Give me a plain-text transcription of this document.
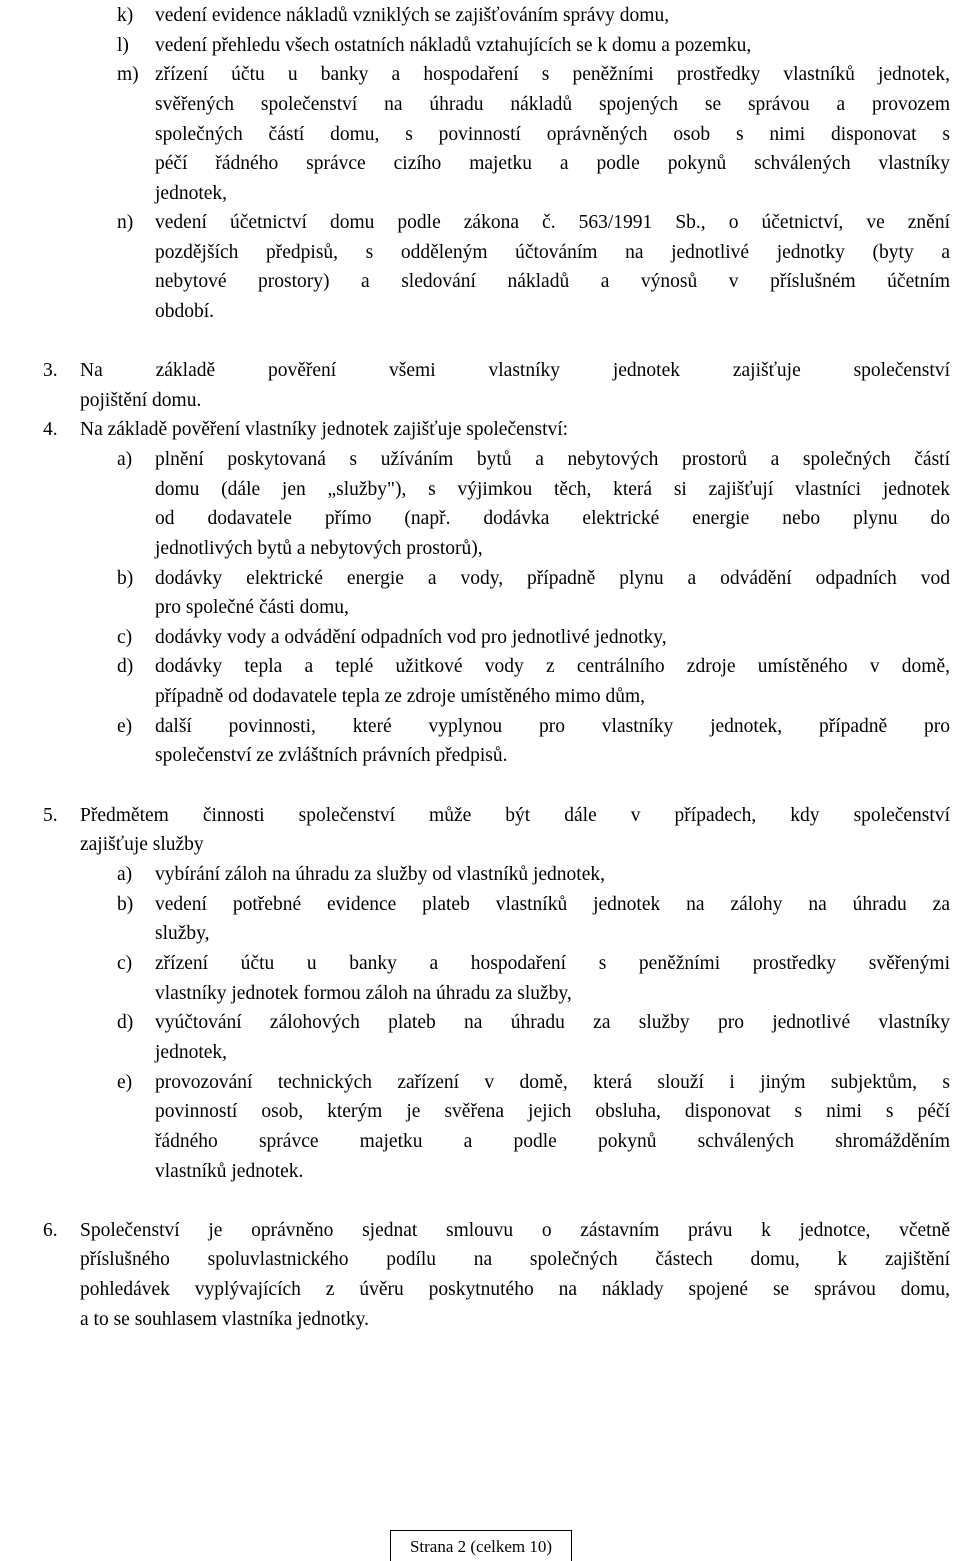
k) vedení evidence nákladů vzniklých se zajišťováním správy domu,
l) vedení přehledu všech ostatních nákladů vztahujících se k domu a pozemku,
m) zřízení účtu u banky a hospodaření s peněžními prostředky vlastníků jednotek,
svěřených společenství na úhradu nákladů spojených se správou a provozem
společných částí domu, s povinností oprávněných osob s nimi disponovat s
péčí řádného správce cizího majetku a podle pokynů schválených vlastníky
jednotek,
n) vedení účetnictví domu podle zákona č. 563/1991 Sb., o účetnictví, ve znění
pozdějších předpisů, s odděleným účtováním na jednotlivé jednotky (byty a
nebytové prostory) a sledování nákladů a výnosů v příslušném účetním
období.
3. Na základě pověření všemi vlastníky jednotek zajišťuje společenství
pojištění domu.
4. Na základě pověření vlastníky jednotek zajišťuje společenství:
a) plnění poskytovaná s užíváním bytů a nebytových prostorů a společných částí
domu (dále jen „služby"), s výjimkou těch, která si zajišťují vlastníci jednotek
od dodavatele přímo (např. dodávka elektrické energie nebo plynu do
jednotlivých bytů a nebytových prostorů),
b) dodávky elektrické energie a vody, případně plynu a odvádění odpadních vod
pro společné části domu,
c) dodávky vody a odvádění odpadních vod pro jednotlivé jednotky,
d) dodávky tepla a teplé užitkové vody z centrálního zdroje umístěného v domě,
případně od dodavatele tepla ze zdroje umístěného mimo dům,
e) další povinnosti, které vyplynou pro vlastníky jednotek, případně pro
společenství ze zvláštních právních předpisů.
5. Předmětem činnosti společenství může být dále v případech, kdy společenství
zajišťuje služby
a) vybírání záloh na úhradu za služby od vlastníků jednotek,
b) vedení potřebné evidence plateb vlastníků jednotek na zálohy na úhradu za
služby,
c) zřízení účtu u banky a hospodaření s peněžními prostředky svěřenými
vlastníky jednotek formou záloh na úhradu za služby,
d) vyúčtování zálohových plateb na úhradu za služby pro jednotlivé vlastníky
jednotek,
e) provozování technických zařízení v domě, která slouží i jiným subjektům, s
povinností osob, kterým je svěřena jejich obsluha, disponovat s nimi s péčí
řádného správce majetku a podle pokynů schválených shromážděním
vlastníků jednotek.
6. Společenství je oprávněno sjednat smlouvu o zástavním právu k jednotce, včetně
příslušného spoluvlastnického podílu na společných částech domu, k zajištění
pohledávek vyplývajících z úvěru poskytnutého na náklady spojené se správou domu,
a to se souhlasem vlastníka jednotky.
Strana 2 (celkem 10)
